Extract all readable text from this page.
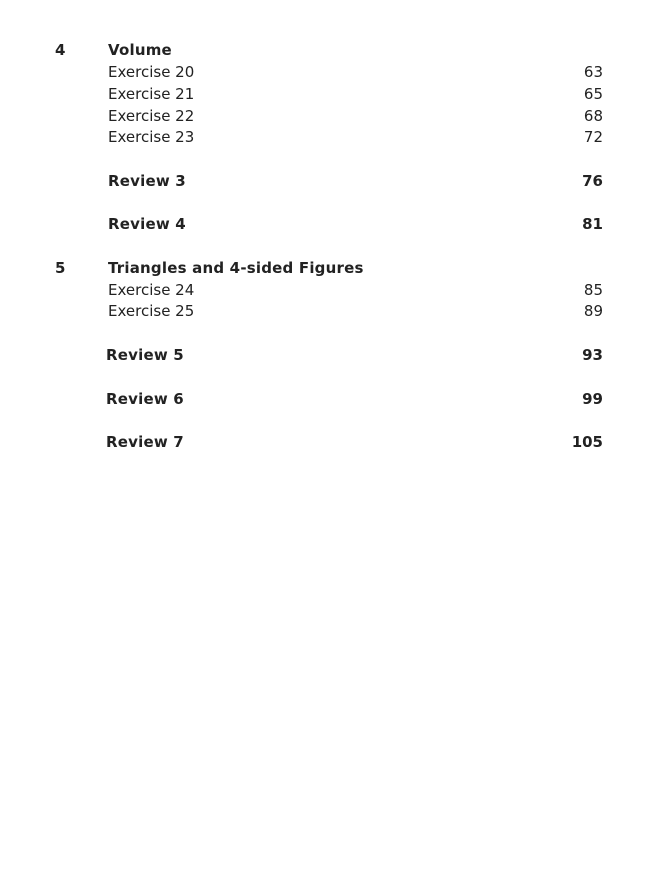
4	Volume
Exercise 20	63
Exercise 21	65
Exercise 22	68
Exercise 23	72
Review 3	76
Review 4	81
5	Triangles and 4-sided Figures
Exercise 24	85
Exercise 25	89
Review 5	93
Review 6	99
Review 7	105
